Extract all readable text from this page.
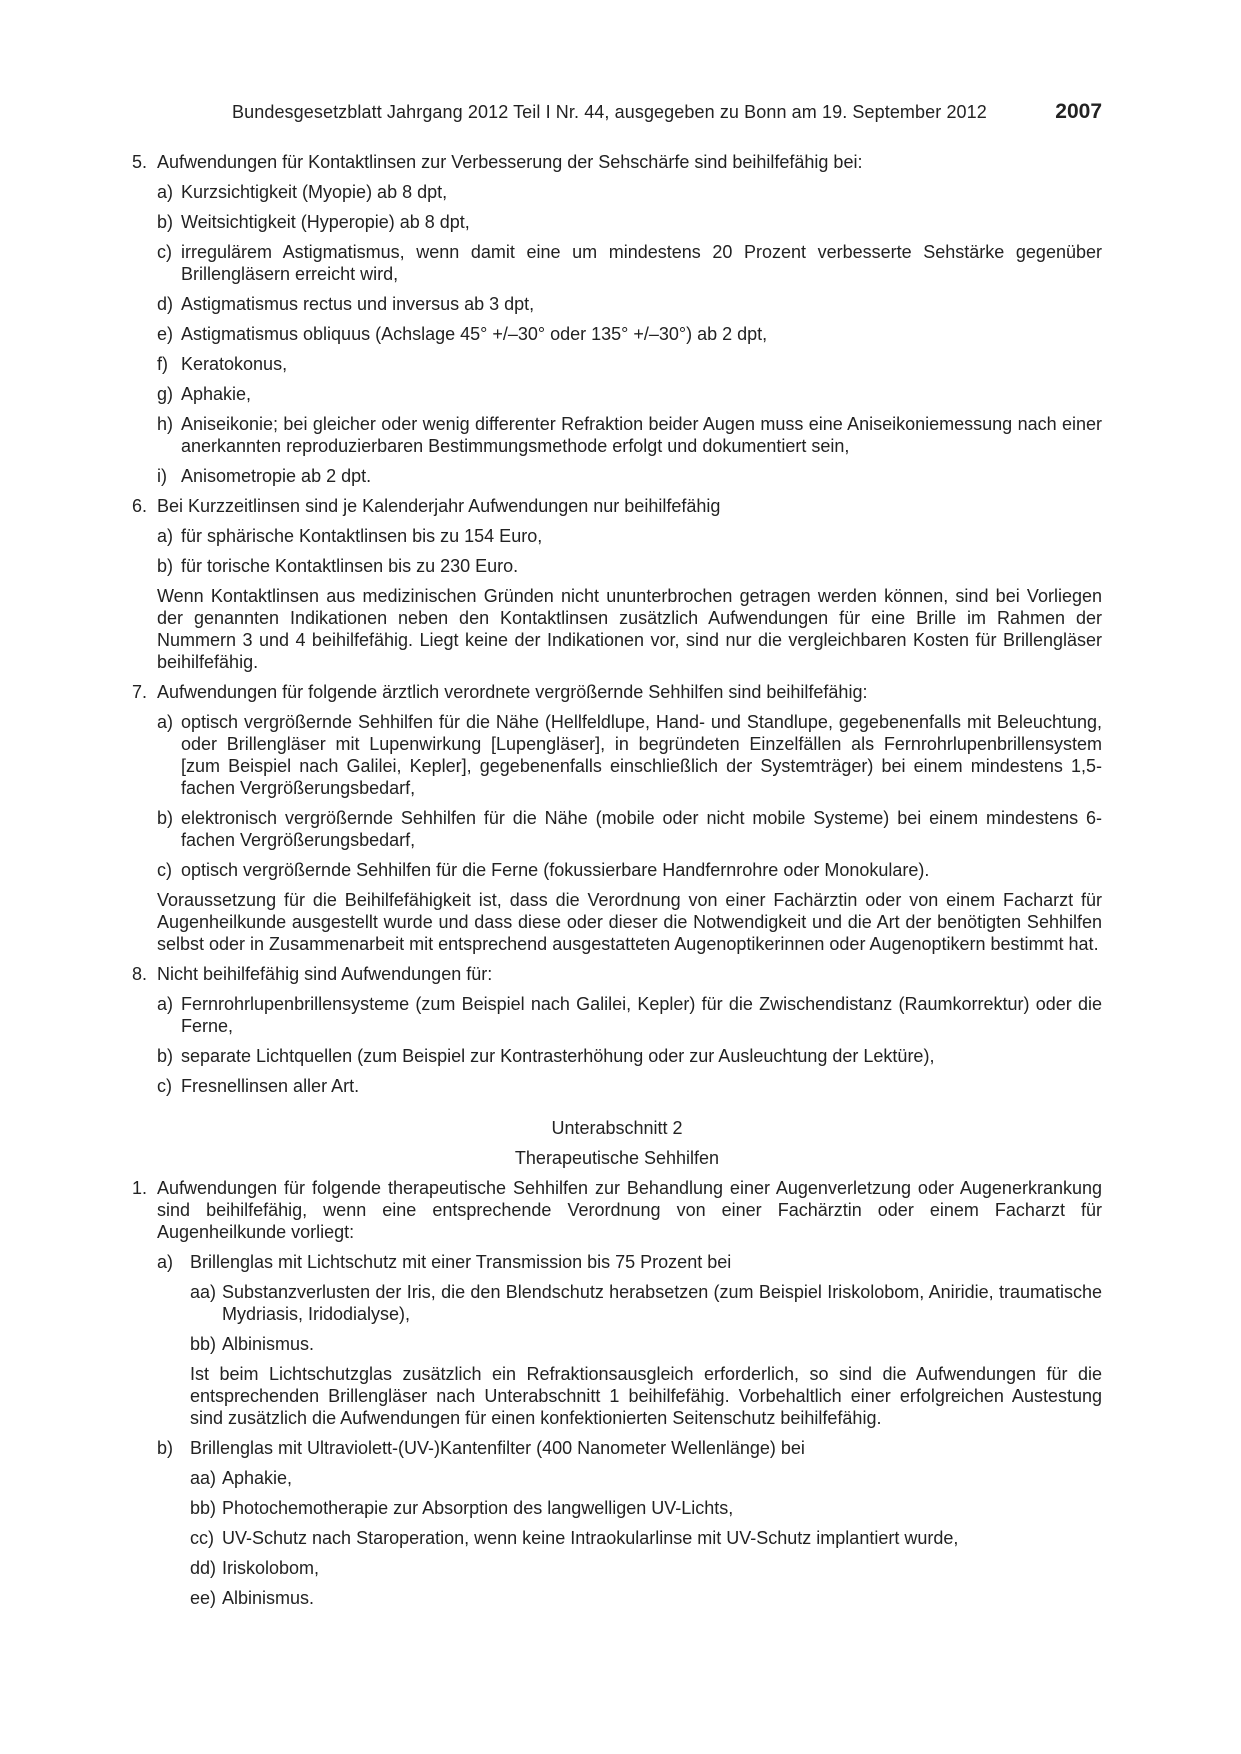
Bundesgesetzblatt Jahrgang 2012 Teil I Nr. 44, ausgegeben zu Bonn am 19. September 2012	2007
5. Aufwendungen für Kontaktlinsen zur Verbesserung der Sehschärfe sind beihilfefähig bei:
a) Kurzsichtigkeit (Myopie) ab 8 dpt,
b) Weitsichtigkeit (Hyperopie) ab 8 dpt,
c) irregulärem Astigmatismus, wenn damit eine um mindestens 20 Prozent verbesserte Sehstärke gegenüber Brillengläsern erreicht wird,
d) Astigmatismus rectus und inversus ab 3 dpt,
e) Astigmatismus obliquus (Achslage 45° +/–30° oder 135° +/–30°) ab 2 dpt,
f) Keratokonus,
g) Aphakie,
h) Aniseikonie; bei gleicher oder wenig differenter Refraktion beider Augen muss eine Aniseikoniemessung nach einer anerkannten reproduzierbaren Bestimmungsmethode erfolgt und dokumentiert sein,
i) Anisometropie ab 2 dpt.
6. Bei Kurzzeitlinsen sind je Kalenderjahr Aufwendungen nur beihilfefähig
a) für sphärische Kontaktlinsen bis zu 154 Euro,
b) für torische Kontaktlinsen bis zu 230 Euro.
Wenn Kontaktlinsen aus medizinischen Gründen nicht ununterbrochen getragen werden können, sind bei Vorliegen der genannten Indikationen neben den Kontaktlinsen zusätzlich Aufwendungen für eine Brille im Rahmen der Nummern 3 und 4 beihilfefähig. Liegt keine der Indikationen vor, sind nur die vergleichbaren Kosten für Brillengläser beihilfefähig.
7. Aufwendungen für folgende ärztlich verordnete vergrößernde Sehhilfen sind beihilfefähig:
a) optisch vergrößernde Sehhilfen für die Nähe (Hellfeldlupe, Hand- und Standlupe, gegebenenfalls mit Beleuchtung, oder Brillengläser mit Lupenwirkung [Lupengläser], in begründeten Einzelfällen als Fernrohrlupenbrillensystem [zum Beispiel nach Galilei, Kepler], gegebenenfalls einschließlich der Systemträger) bei einem mindestens 1,5-fachen Vergrößerungsbedarf,
b) elektronisch vergrößernde Sehhilfen für die Nähe (mobile oder nicht mobile Systeme) bei einem mindestens 6-fachen Vergrößerungsbedarf,
c) optisch vergrößernde Sehhilfen für die Ferne (fokussierbare Handfernrohre oder Monokulare).
Voraussetzung für die Beihilfefähigkeit ist, dass die Verordnung von einer Fachärztin oder von einem Facharzt für Augenheilkunde ausgestellt wurde und dass diese oder dieser die Notwendigkeit und die Art der benötigten Sehhilfen selbst oder in Zusammenarbeit mit entsprechend ausgestatteten Augenoptikerinnen oder Augenoptikern bestimmt hat.
8. Nicht beihilfefähig sind Aufwendungen für:
a) Fernrohrlupenbrillensysteme (zum Beispiel nach Galilei, Kepler) für die Zwischendistanz (Raumkorrektur) oder die Ferne,
b) separate Lichtquellen (zum Beispiel zur Kontrasterhöhung oder zur Ausleuchtung der Lektüre),
c) Fresnellinsen aller Art.
Unterabschnitt 2
Therapeutische Sehhilfen
1. Aufwendungen für folgende therapeutische Sehhilfen zur Behandlung einer Augenverletzung oder Augenerkrankung sind beihilfefähig, wenn eine entsprechende Verordnung von einer Fachärztin oder einem Facharzt für Augenheilkunde vorliegt:
a) Brillenglas mit Lichtschutz mit einer Transmission bis 75 Prozent bei
aa) Substanzverlusten der Iris, die den Blendschutz herabsetzen (zum Beispiel Iriskolobom, Aniridie, traumatische Mydriasis, Iridodialyse),
bb) Albinismus.
Ist beim Lichtschutzglas zusätzlich ein Refraktionsausgleich erforderlich, so sind die Aufwendungen für die entsprechenden Brillengläser nach Unterabschnitt 1 beihilfefähig. Vorbehaltlich einer erfolgreichen Austestung sind zusätzlich die Aufwendungen für einen konfektionierten Seitenschutz beihilfefähig.
b) Brillenglas mit Ultraviolett-(UV-)Kantenfilter (400 Nanometer Wellenlänge) bei
aa) Aphakie,
bb) Photochemotherapie zur Absorption des langwelligen UV-Lichts,
cc) UV-Schutz nach Staroperation, wenn keine Intraokularlinse mit UV-Schutz implantiert wurde,
dd) Iriskolobom,
ee) Albinismus.
